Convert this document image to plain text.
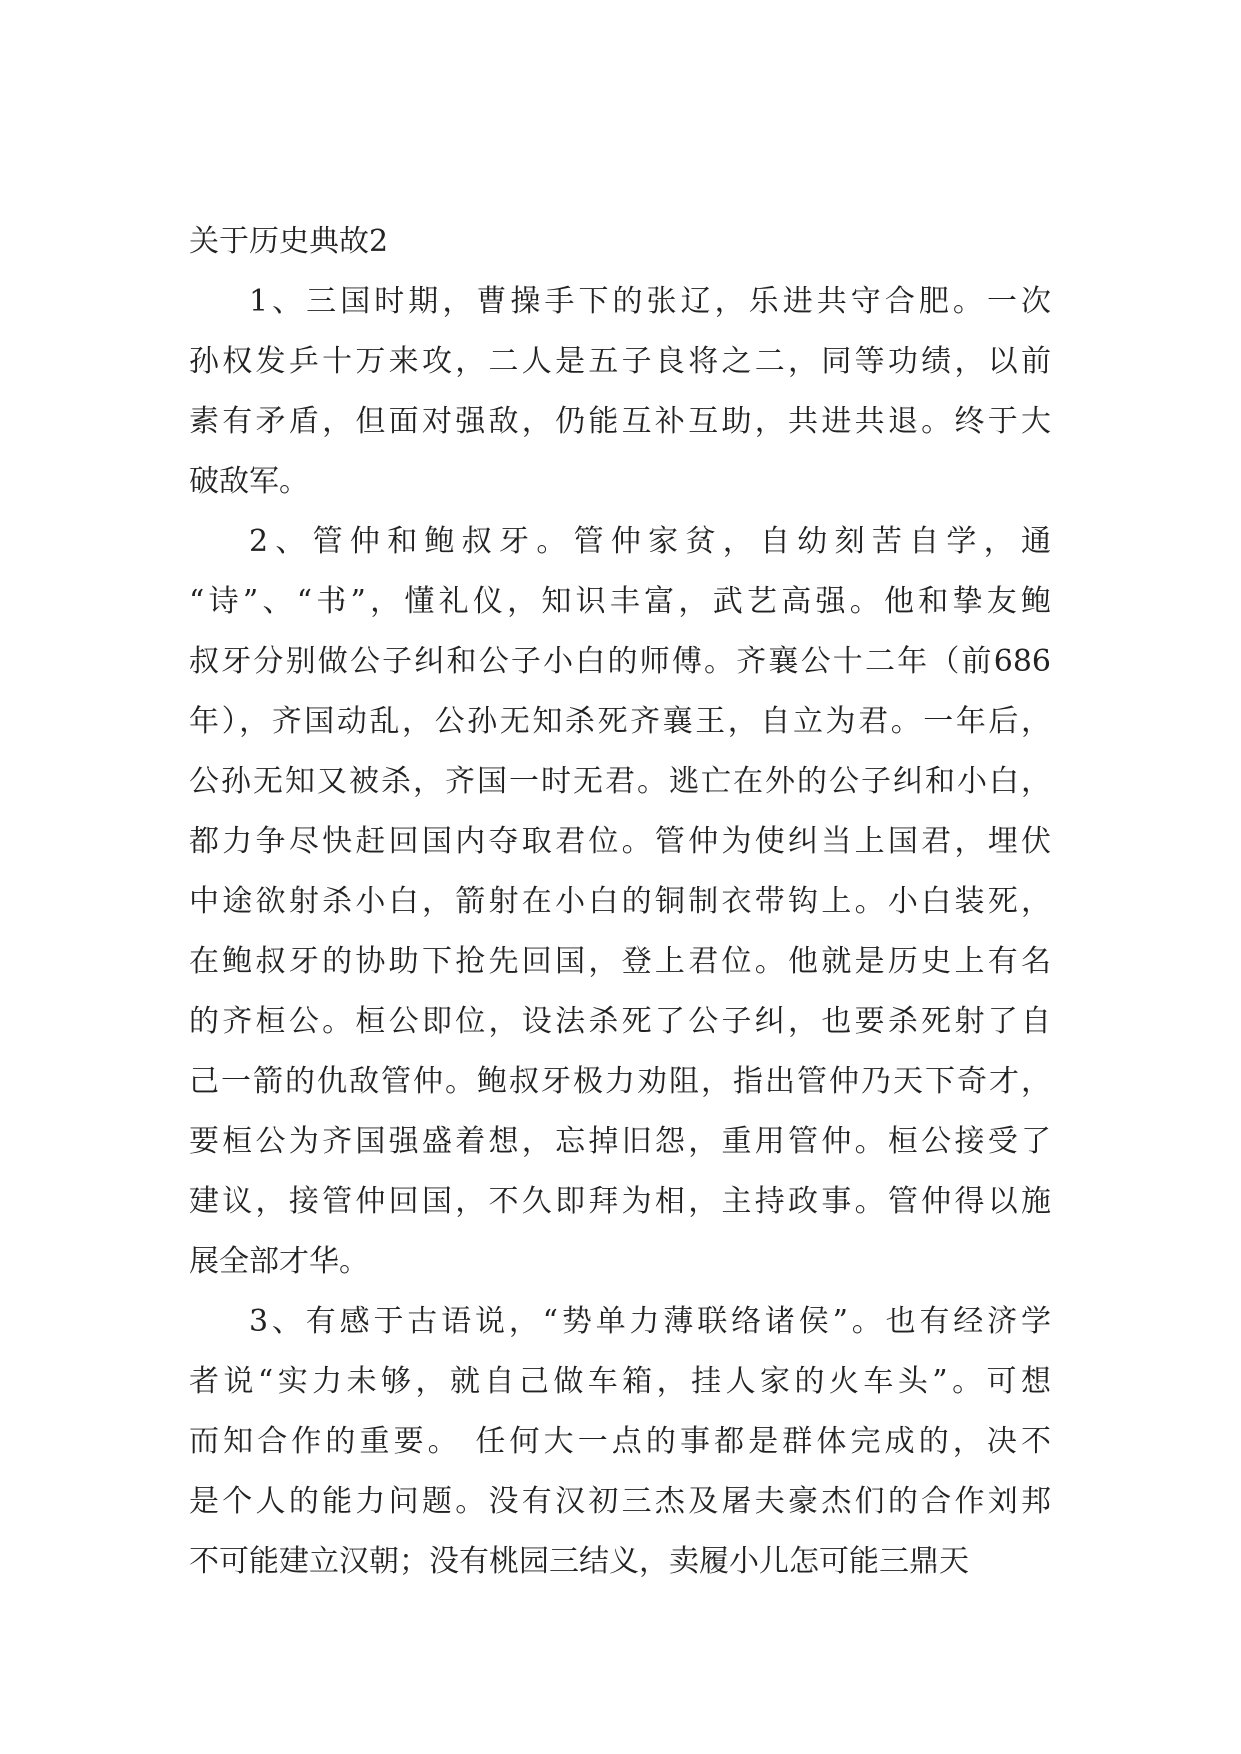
关于历史典故2
1、三国时期，曹操手下的张辽，乐进共守合肥。一次
孙权发乒十万来攻，二人是五子良将之二，同等功绩，以前
素有矛盾，但面对强敌，仍能互补互助，共进共退。终于大
破敌军。
2、管仲和鲍叔牙。管仲家贫，自幼刻苦自学，通
“诗”、“书”，懂礼仪，知识丰富，武艺高强。他和挚友鲍
叔牙分别做公子纠和公子小白的师傅。齐襄公十二年（前686
年），齐国动乱，公孙无知杀死齐襄王，自立为君。一年后，
公孙无知又被杀，齐国一时无君。逃亡在外的公子纠和小白，
都力争尽快赶回国内夺取君位。管仲为使纠当上国君，埋伏
中途欲射杀小白，箭射在小白的铜制衣带钩上。小白装死，
在鲍叔牙的协助下抢先回国，登上君位。他就是历史上有名
的齐桓公。桓公即位，设法杀死了公子纠，也要杀死射了自
己一箭的仇敌管仲。鲍叔牙极力劝阻，指出管仲乃天下奇才，
要桓公为齐国强盛着想，忘掉旧怨，重用管仲。桓公接受了
建议，接管仲回国，不久即拜为相，主持政事。管仲得以施
展全部才华。
3、有感于古语说，“势单力薄联络诸侯”。也有经济学
者说“实力未够，就自己做车箱，挂人家的火车头”。可想
而知合作的重要。 任何大一点的事都是群体完成的，决不
是个人的能力问题。没有汉初三杰及屠夫豪杰们的合作刘邦
不可能建立汉朝；没有桃园三结义，卖履小儿怎可能三鼎天
